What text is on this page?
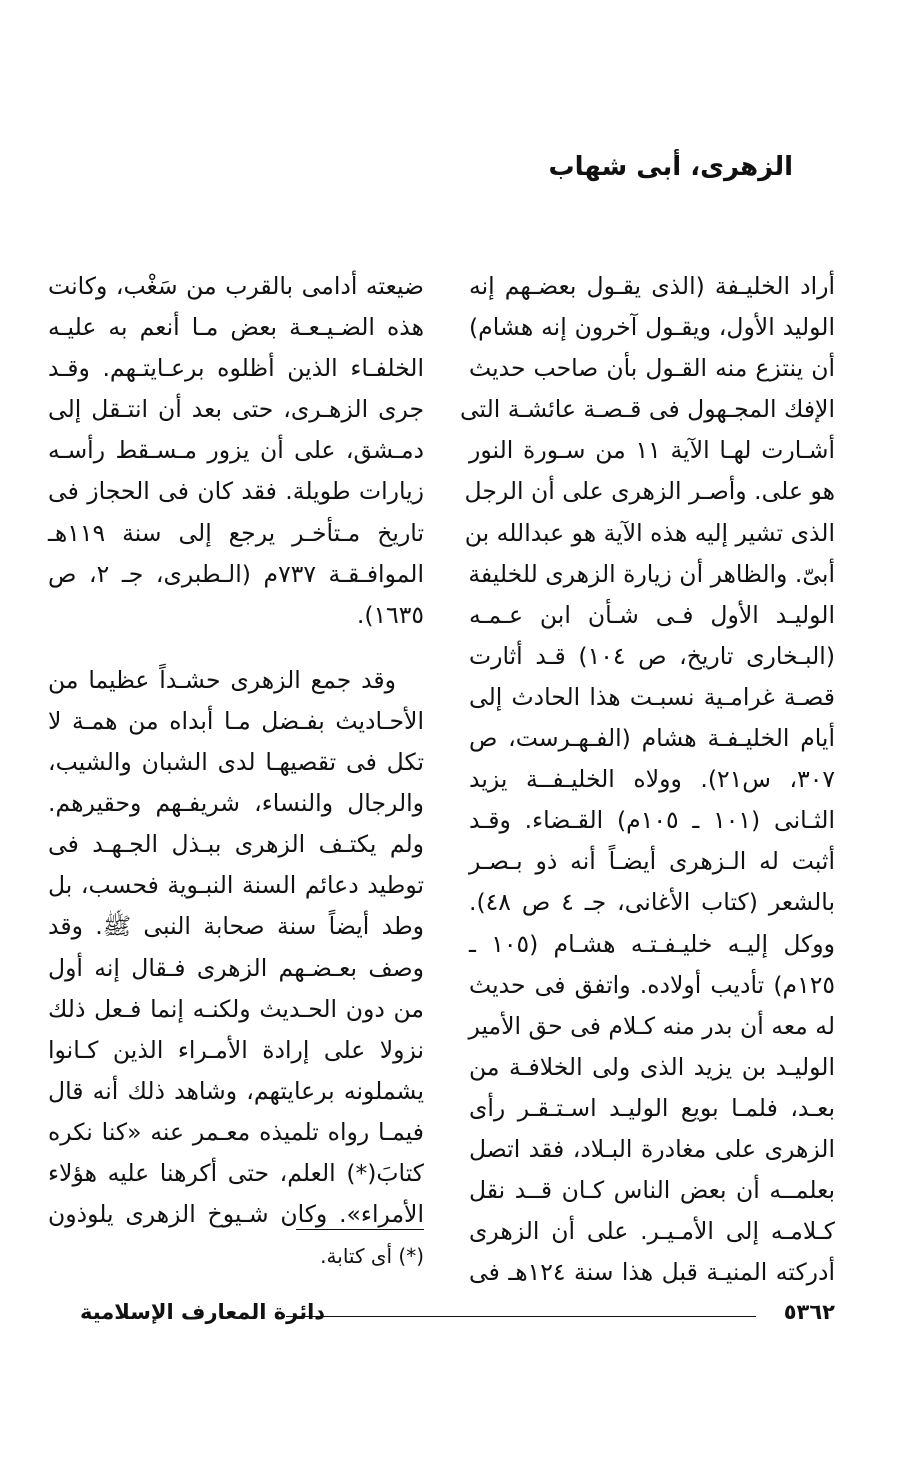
الزهرى، أبى شهاب
أراد الخليـفة (الذى يقـول بعضـهم إنه
الوليد الأول، ويقـول آخرون إنه هشام)
أن ينتزع منه القـول بأن صاحب حديث
الإفك المجـهول فى قـصـة عائشـة التى
أشـارت لهـا الآية ١١ من سـورة النور
هو على. وأصـر الزهرى على أن الرجل
الذى تشير إليه هذه الآية هو عبدالله بن
أبىّ. والظاهر أن زيارة الزهرى للخليفة
الوليـد الأول فـى شـأن ابن عـمـه
(البـخارى تاريخ، ص ١٠٤) قـد أثارت
قصـة غرامـية نسبـت هذا الحادث إلى
أيام الخليـفـة هشام (الفـهـرست، ص
٣٠٧، س٢١). وولاه الخليـفــة يزيد
الثـانى (١٠١ ـ ١٠٥م) القـضاء. وقـد
أثبت له الـزهرى أيضـاً أنه ذو بـصـر
بالشعر (كتاب الأغانى، جـ ٤ ص ٤٨).
ووكل إليـه خليـفـتـه هشـام (١٠٥ ـ
١٢٥م) تأديب أولاده. واتفق فى حديث
له معه أن بدر منه كـلام فى حق الأمير
الوليـد بن يزيد الذى ولى الخلافـة من
بعـد، فلمـا بويع الوليـد اسـتـقـر رأى
الزهرى على مغادرة البـلاد، فقد اتصل
بعلمــه أن بعض الناس كـان قــد نقل
كـلامـه إلى الأمـيـر. على أن الزهرى
أدركته المنيـة قبل هذا سنة ١٢٤هـ فى
ضيعته أدامى بالقرب من سَغْب، وكانت
هذه الضـيـعـة بعض مـا أنعم به عليـه
الخلفـاء الذين أظلوه برعـايتـهم. وقـد
جرى الزهـرى، حتى بعد أن انتـقل إلى
دمـشق، على أن يزور مـسـقط رأسـه
زيارات طويلة. فقد كان فى الحجاز فى
تاريخ مـتأخـر يرجع إلى سنة ١١٩هـ
الموافـقـة ٧٣٧م (الـطبرى، جـ ٢، ص
١٦٣٥).
وقد جمع الزهرى حشـداً عظيما من
الأحـاديث بفـضل مـا أبداه من همـة لا
تكل فى تقصيهـا لدى الشبان والشيب،
والرجال والنساء، شريفـهم وحقيرهم.
ولم يكتـف الزهرى ببـذل الجـهـد فى
توطيد دعائم السنة النبـوية فحسب، بل
وطد أيضاً سنة صحابة النبى ﷺ. وقد
وصف بعـضـهم الزهرى فـقال إنه أول
من دون الحـديث ولكنـه إنما فـعل ذلك
نزولا على إرادة الأمـراء الذين كـانوا
يشملونه برعايتهم، وشاهد ذلك أنه قال
فيمـا رواه تلميذه معـمر عنه «كنا نكره
كتابَ(*) العلم، حتى أكرهنا عليه هؤلاء
الأمراء». وكان شـيوخ الزهرى يلوذون
(*) أى كتابة.
٥٣٦٢
دائرة المعارف الإسلامية
